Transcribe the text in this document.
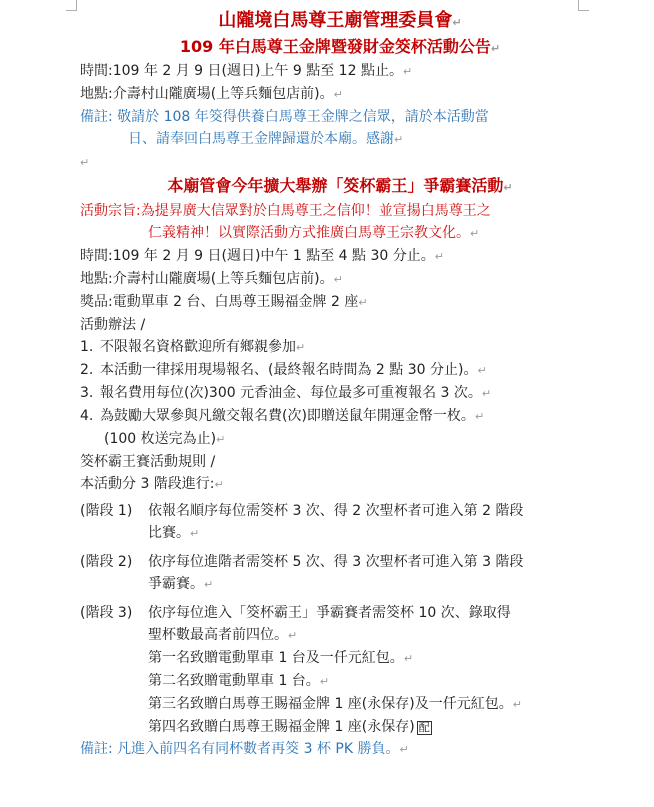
山隴境白馬尊王廟管理委員會↵
109 年白馬尊王金牌暨發財金筊杯活動公告↵
時間:109 年 2 月 9 日(週日)上午 9 點至 12 點止。↵
地點:介壽村山隴廣場(上等兵麵包店前)。↵
備註: 敬請於 108 年筊得供養白馬尊王金牌之信眾，請於本活動當
日、請奉回白馬尊王金牌歸還於本廟。感謝↵
↵
本廟管會今年擴大舉辦「筊杯霸王」爭霸賽活動↵
活動宗旨:為提昇廣大信眾對於白馬尊王之信仰！並宣揚白馬尊王之
仁義精神！以實際活動方式推廣白馬尊王宗教文化。↵
時間:109 年 2 月 9 日(週日)中午 1 點至 4 點 30 分止。↵
地點:介壽村山隴廣場(上等兵麵包店前)。↵
獎品:電動單車 2 台、白馬尊王賜福金牌 2 座↵
活動辦法 /
1. 不限報名資格歡迎所有鄉親參加↵
2. 本活動一律採用現場報名、(最終報名時間為 2 點 30 分止)。↵
3. 報名費用每位(次)300 元香油金、每位最多可重複報名 3 次。↵
4. 為鼓勵大眾參與凡繳交報名費(次)即贈送鼠年開運金幣一枚。↵
(100 枚送完為止)↵
筊杯霸王賽活動規則 /
本活動分 3 階段進行:↵
(階段 1) 依報名順序每位需筊杯 3 次、得 2 次聖杯者可進入第 2 階段
比賽。↵
(階段 2) 依序每位進階者需筊杯 5 次、得 3 次聖杯者可進入第 3 階段
爭霸賽。↵
(階段 3) 依序每位進入「筊杯霸王」爭霸賽者需筊杯 10 次、錄取得
聖杯數最高者前四位。↵
第一名致贈電動單車 1 台及一仟元紅包。↵
第二名致贈電動單車 1 台。↵
第三名致贈白馬尊王賜福金牌 1 座(永保存)及一仟元紅包。↵
第四名致贈白馬尊王賜福金牌 1 座(永保存) 配
備註: 凡進入前四名有同杯數者再筊 3 杯 PK 勝負。↵
